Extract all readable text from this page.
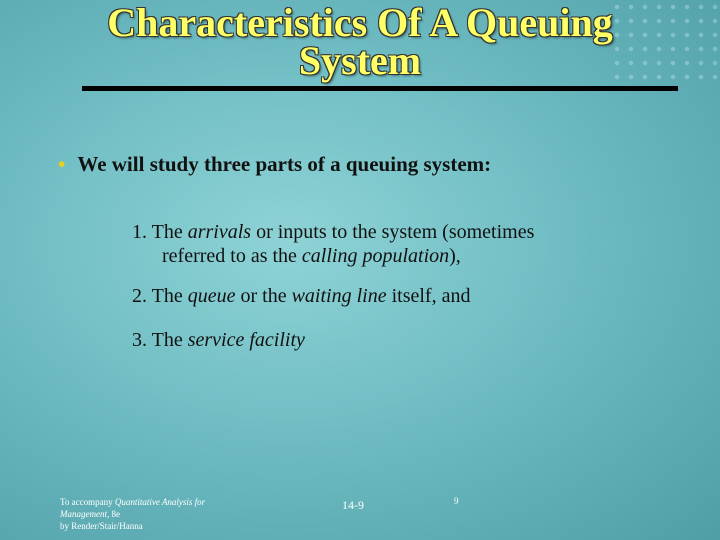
Characteristics Of A Queuing System
• We will study three parts of a queuing system:
1. The arrivals or inputs to the system (sometimes
referred to as the calling population),
2. The queue or the waiting line itself, and
3. The service facility
To accompany Quantitative Analysis for
Management, 8e
by Render/Stair/Hanna
14-9	9
